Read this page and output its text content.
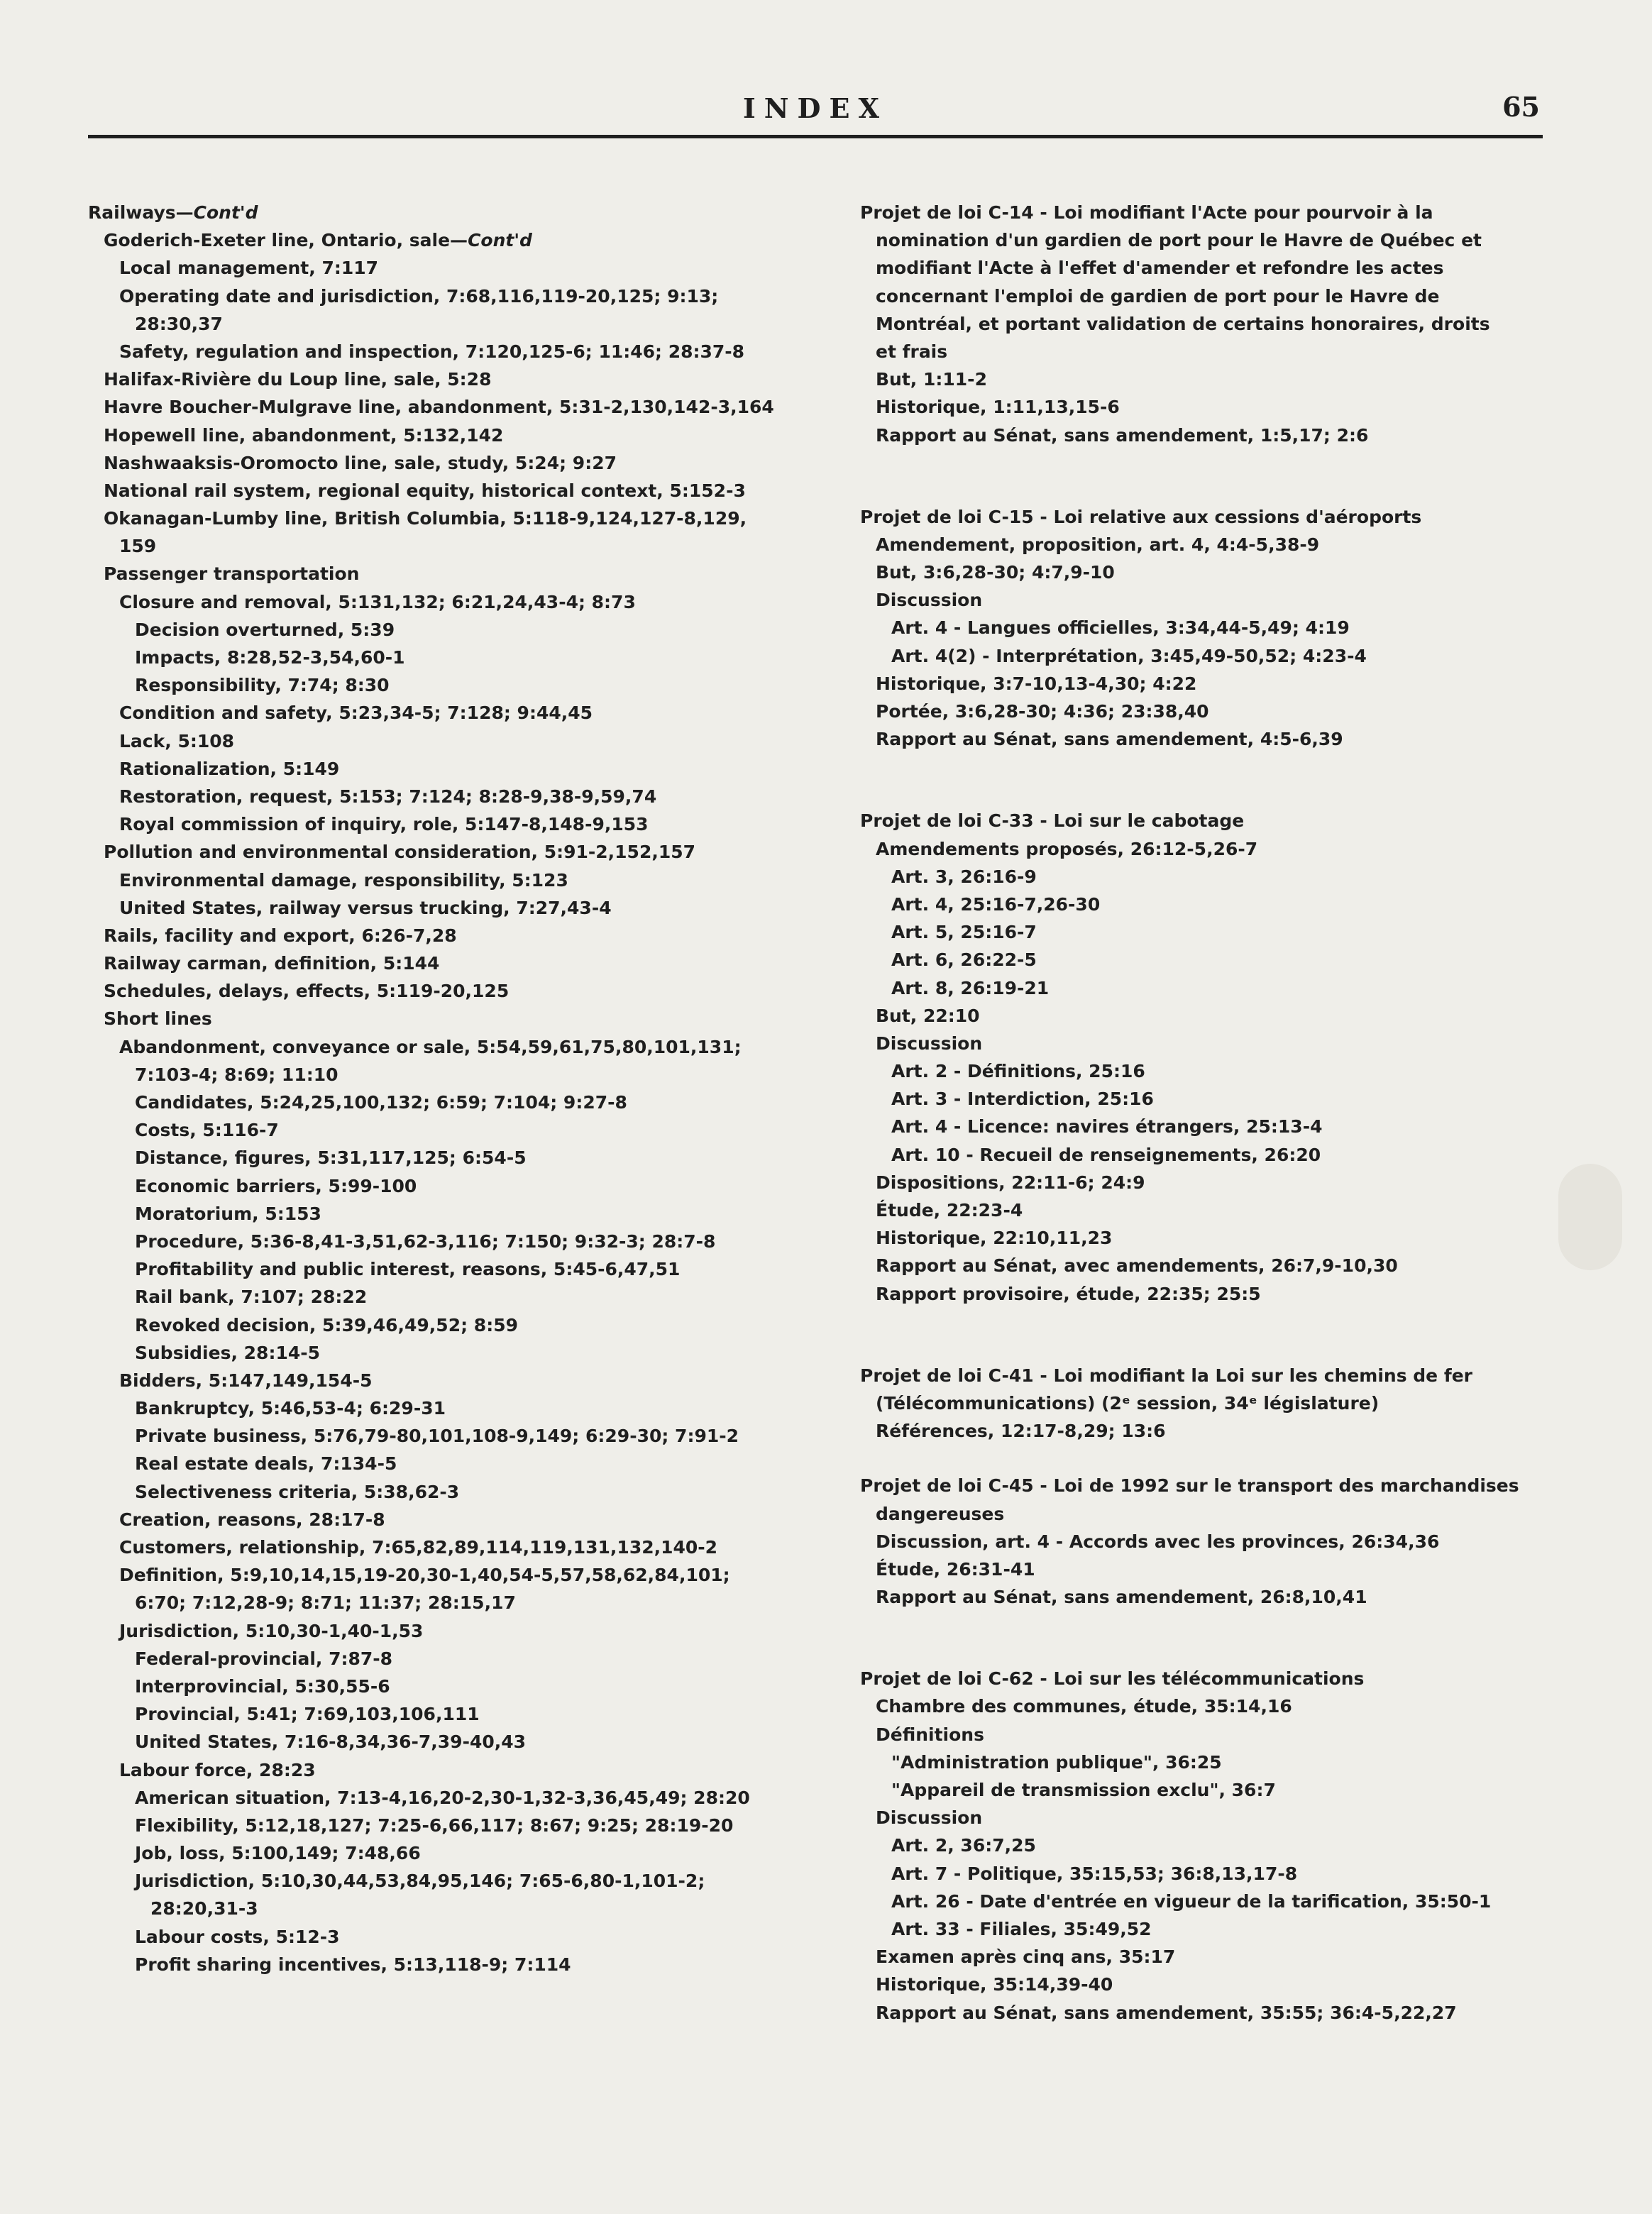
INDEX	65
Railways—Cont'd
Goderich-Exeter line, Ontario, sale—Cont'd
Local management, 7:117
Operating date and jurisdiction, 7:68,116,119-20,125; 9:13;
28:30,37
Safety, regulation and inspection, 7:120,125-6; 11:46; 28:37-8
Halifax-Rivière du Loup line, sale, 5:28
Havre Boucher-Mulgrave line, abandonment, 5:31-2,130,142-3,164
Hopewell line, abandonment, 5:132,142
Nashwaaksis-Oromocto line, sale, study, 5:24; 9:27
National rail system, regional equity, historical context, 5:152-3
Okanagan-Lumby line, British Columbia, 5:118-9,124,127-8,129,
159
Passenger transportation
Closure and removal, 5:131,132; 6:21,24,43-4; 8:73
Decision overturned, 5:39
Impacts, 8:28,52-3,54,60-1
Responsibility, 7:74; 8:30
Condition and safety, 5:23,34-5; 7:128; 9:44,45
Lack, 5:108
Rationalization, 5:149
Restoration, request, 5:153; 7:124; 8:28-9,38-9,59,74
Royal commission of inquiry, role, 5:147-8,148-9,153
Pollution and environmental consideration, 5:91-2,152,157
Environmental damage, responsibility, 5:123
United States, railway versus trucking, 7:27,43-4
Rails, facility and export, 6:26-7,28
Railway carman, definition, 5:144
Schedules, delays, effects, 5:119-20,125
Short lines
Abandonment, conveyance or sale, 5:54,59,61,75,80,101,131;
7:103-4; 8:69; 11:10
Candidates, 5:24,25,100,132; 6:59; 7:104; 9:27-8
Costs, 5:116-7
Distance, figures, 5:31,117,125; 6:54-5
Economic barriers, 5:99-100
Moratorium, 5:153
Procedure, 5:36-8,41-3,51,62-3,116; 7:150; 9:32-3; 28:7-8
Profitability and public interest, reasons, 5:45-6,47,51
Rail bank, 7:107; 28:22
Revoked decision, 5:39,46,49,52; 8:59
Subsidies, 28:14-5
Bidders, 5:147,149,154-5
Bankruptcy, 5:46,53-4; 6:29-31
Private business, 5:76,79-80,101,108-9,149; 6:29-30; 7:91-2
Real estate deals, 7:134-5
Selectiveness criteria, 5:38,62-3
Creation, reasons, 28:17-8
Customers, relationship, 7:65,82,89,114,119,131,132,140-2
Definition, 5:9,10,14,15,19-20,30-1,40,54-5,57,58,62,84,101;
6:70; 7:12,28-9; 8:71; 11:37; 28:15,17
Jurisdiction, 5:10,30-1,40-1,53
Federal-provincial, 7:87-8
Interprovincial, 5:30,55-6
Provincial, 5:41; 7:69,103,106,111
United States, 7:16-8,34,36-7,39-40,43
Labour force, 28:23
American situation, 7:13-4,16,20-2,30-1,32-3,36,45,49; 28:20
Flexibility, 5:12,18,127; 7:25-6,66,117; 8:67; 9:25; 28:19-20
Job, loss, 5:100,149; 7:48,66
Jurisdiction, 5:10,30,44,53,84,95,146; 7:65-6,80-1,101-2;
28:20,31-3
Labour costs, 5:12-3
Profit sharing incentives, 5:13,118-9; 7:114
Projet de loi C-14 - Loi modifiant l'Acte pour pourvoir à la
nomination d'un gardien de port pour le Havre de Québec et
modifiant l'Acte à l'effet d'amender et refondre les actes
concernant l'emploi de gardien de port pour le Havre de
Montréal, et portant validation de certains honoraires, droits
et frais
But, 1:11-2
Historique, 1:11,13,15-6
Rapport au Sénat, sans amendement, 1:5,17; 2:6
Projet de loi C-15 - Loi relative aux cessions d'aéroports
Amendement, proposition, art. 4, 4:4-5,38-9
But, 3:6,28-30; 4:7,9-10
Discussion
Art. 4 - Langues officielles, 3:34,44-5,49; 4:19
Art. 4(2) - Interprétation, 3:45,49-50,52; 4:23-4
Historique, 3:7-10,13-4,30; 4:22
Portée, 3:6,28-30; 4:36; 23:38,40
Rapport au Sénat, sans amendement, 4:5-6,39
Projet de loi C-33 - Loi sur le cabotage
Amendements proposés, 26:12-5,26-7
Art. 3, 26:16-9
Art. 4, 25:16-7,26-30
Art. 5, 25:16-7
Art. 6, 26:22-5
Art. 8, 26:19-21
But, 22:10
Discussion
Art. 2 - Définitions, 25:16
Art. 3 - Interdiction, 25:16
Art. 4 - Licence: navires étrangers, 25:13-4
Art. 10 - Recueil de renseignements, 26:20
Dispositions, 22:11-6; 24:9
Étude, 22:23-4
Historique, 22:10,11,23
Rapport au Sénat, avec amendements, 26:7,9-10,30
Rapport provisoire, étude, 22:35; 25:5
Projet de loi C-41 - Loi modifiant la Loi sur les chemins de fer
(Télécommunications) (2ᵉ session, 34ᵉ législature)
Références, 12:17-8,29; 13:6
Projet de loi C-45 - Loi de 1992 sur le transport des marchandises
dangereuses
Discussion, art. 4 - Accords avec les provinces, 26:34,36
Étude, 26:31-41
Rapport au Sénat, sans amendement, 26:8,10,41
Projet de loi C-62 - Loi sur les télécommunications
Chambre des communes, étude, 35:14,16
Définitions
"Administration publique", 36:25
"Appareil de transmission exclu", 36:7
Discussion
Art. 2, 36:7,25
Art. 7 - Politique, 35:15,53; 36:8,13,17-8
Art. 26 - Date d'entrée en vigueur de la tarification, 35:50-1
Art. 33 - Filiales, 35:49,52
Examen après cinq ans, 35:17
Historique, 35:14,39-40
Rapport au Sénat, sans amendement, 35:55; 36:4-5,22,27
